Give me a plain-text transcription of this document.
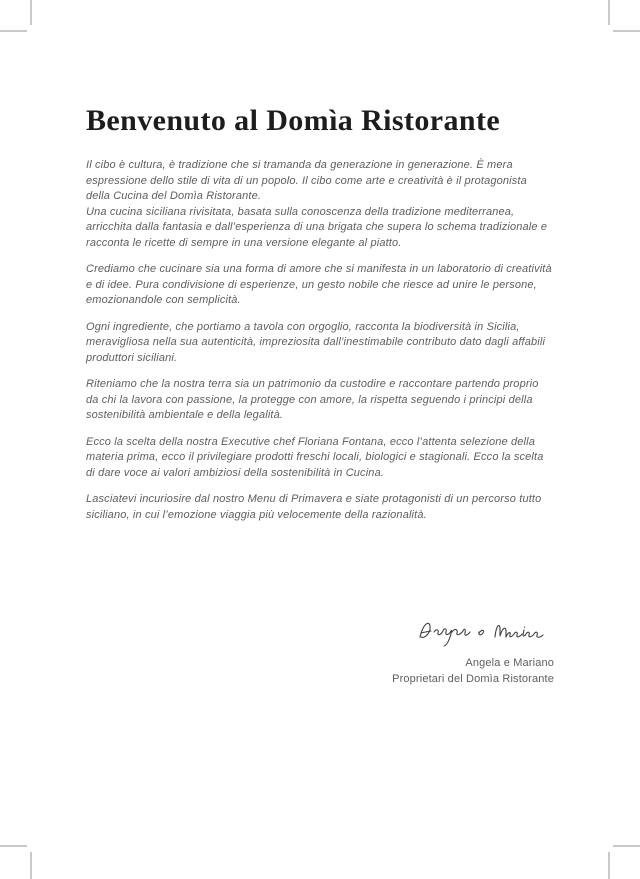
Benvenuto al Domìa Ristorante

Il cibo è cultura, è tradizione che si tramanda da generazione in generazione. È mera espressione dello stile di vita di un popolo. Il cibo come arte e creatività è il protagonista della Cucina del Domìa Ristorante.

Una cucina siciliana rivisitata, basata sulla conoscenza della tradizione mediterranea, arricchita dalla fantasia e dall’esperienza di una brigata che supera lo schema tradizionale e racconta le ricette di sempre in una versione elegante al piatto.

Crediamo che cucinare sia una forma di amore che si manifesta in un laboratorio di creatività e di idee. Pura condivisione di esperienze, un gesto nobile che riesce ad unire le persone, emozionandole con semplicità.

Ogni ingrediente, che portiamo a tavola con orgoglio, racconta la biodiversità in Sicilia, meravigliosa nella sua autenticità, impreziosita dall’inestimabile contributo dato dagli affabili produttori siciliani.

Riteniamo che la nostra terra sia un patrimonio da custodire e raccontare partendo proprio da chi la lavora con passione, la protegge con amore, la rispetta seguendo i principi della sostenibilità ambientale e della legalità.

Ecco la scelta della nostra Executive chef Floriana Fontana, ecco l’attenta selezione della materia prima, ecco il privilegiare prodotti freschi locali, biologici e stagionali. Ecco la scelta di dare voce ai valori ambiziosi della sostenibilità in Cucina.

Lasciatevi incuriosire dal nostro Menu di Primavera e siate protagonisti di un percorso tutto siciliano, in cui l’emozione viaggia più velocemente della razionalità.

Angela e Mariano
Proprietari del Domìa Ristorante
